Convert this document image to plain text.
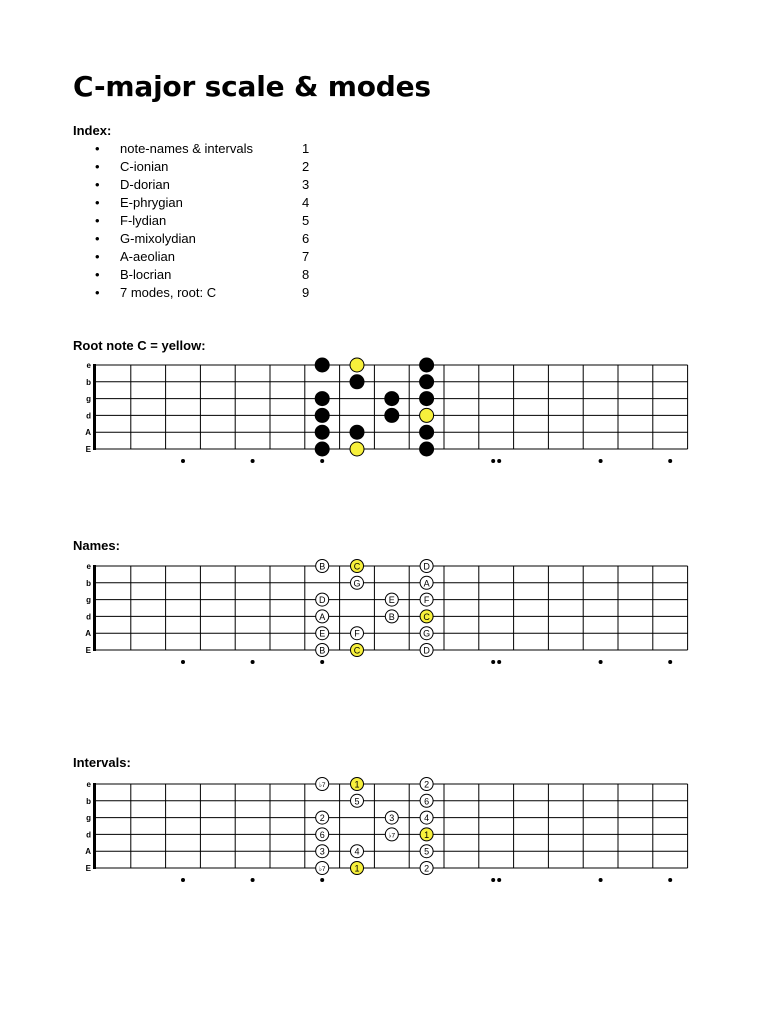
C-major scale & modes
Index:
• note-names & intervals	1
• C-ionian	2
• D-dorian	3
• E-phrygian	4
• F-lydian	5
• G-mixolydian	6
• A-aeolian	7
• B-locrian	8
• 7 modes, root: C	9
Root note C = yellow:
e
b
g
d
A
E
Names:
e
b
g
d
A
E
B	C	D
G	A
D	E	F
A	B	C
E	F	G
B	C	D
Intervals:
e
b
g
d
A
E
♭7	1	2
5	6
2	3	4
6	♭7	1
3	4	5
♭7	1	2
